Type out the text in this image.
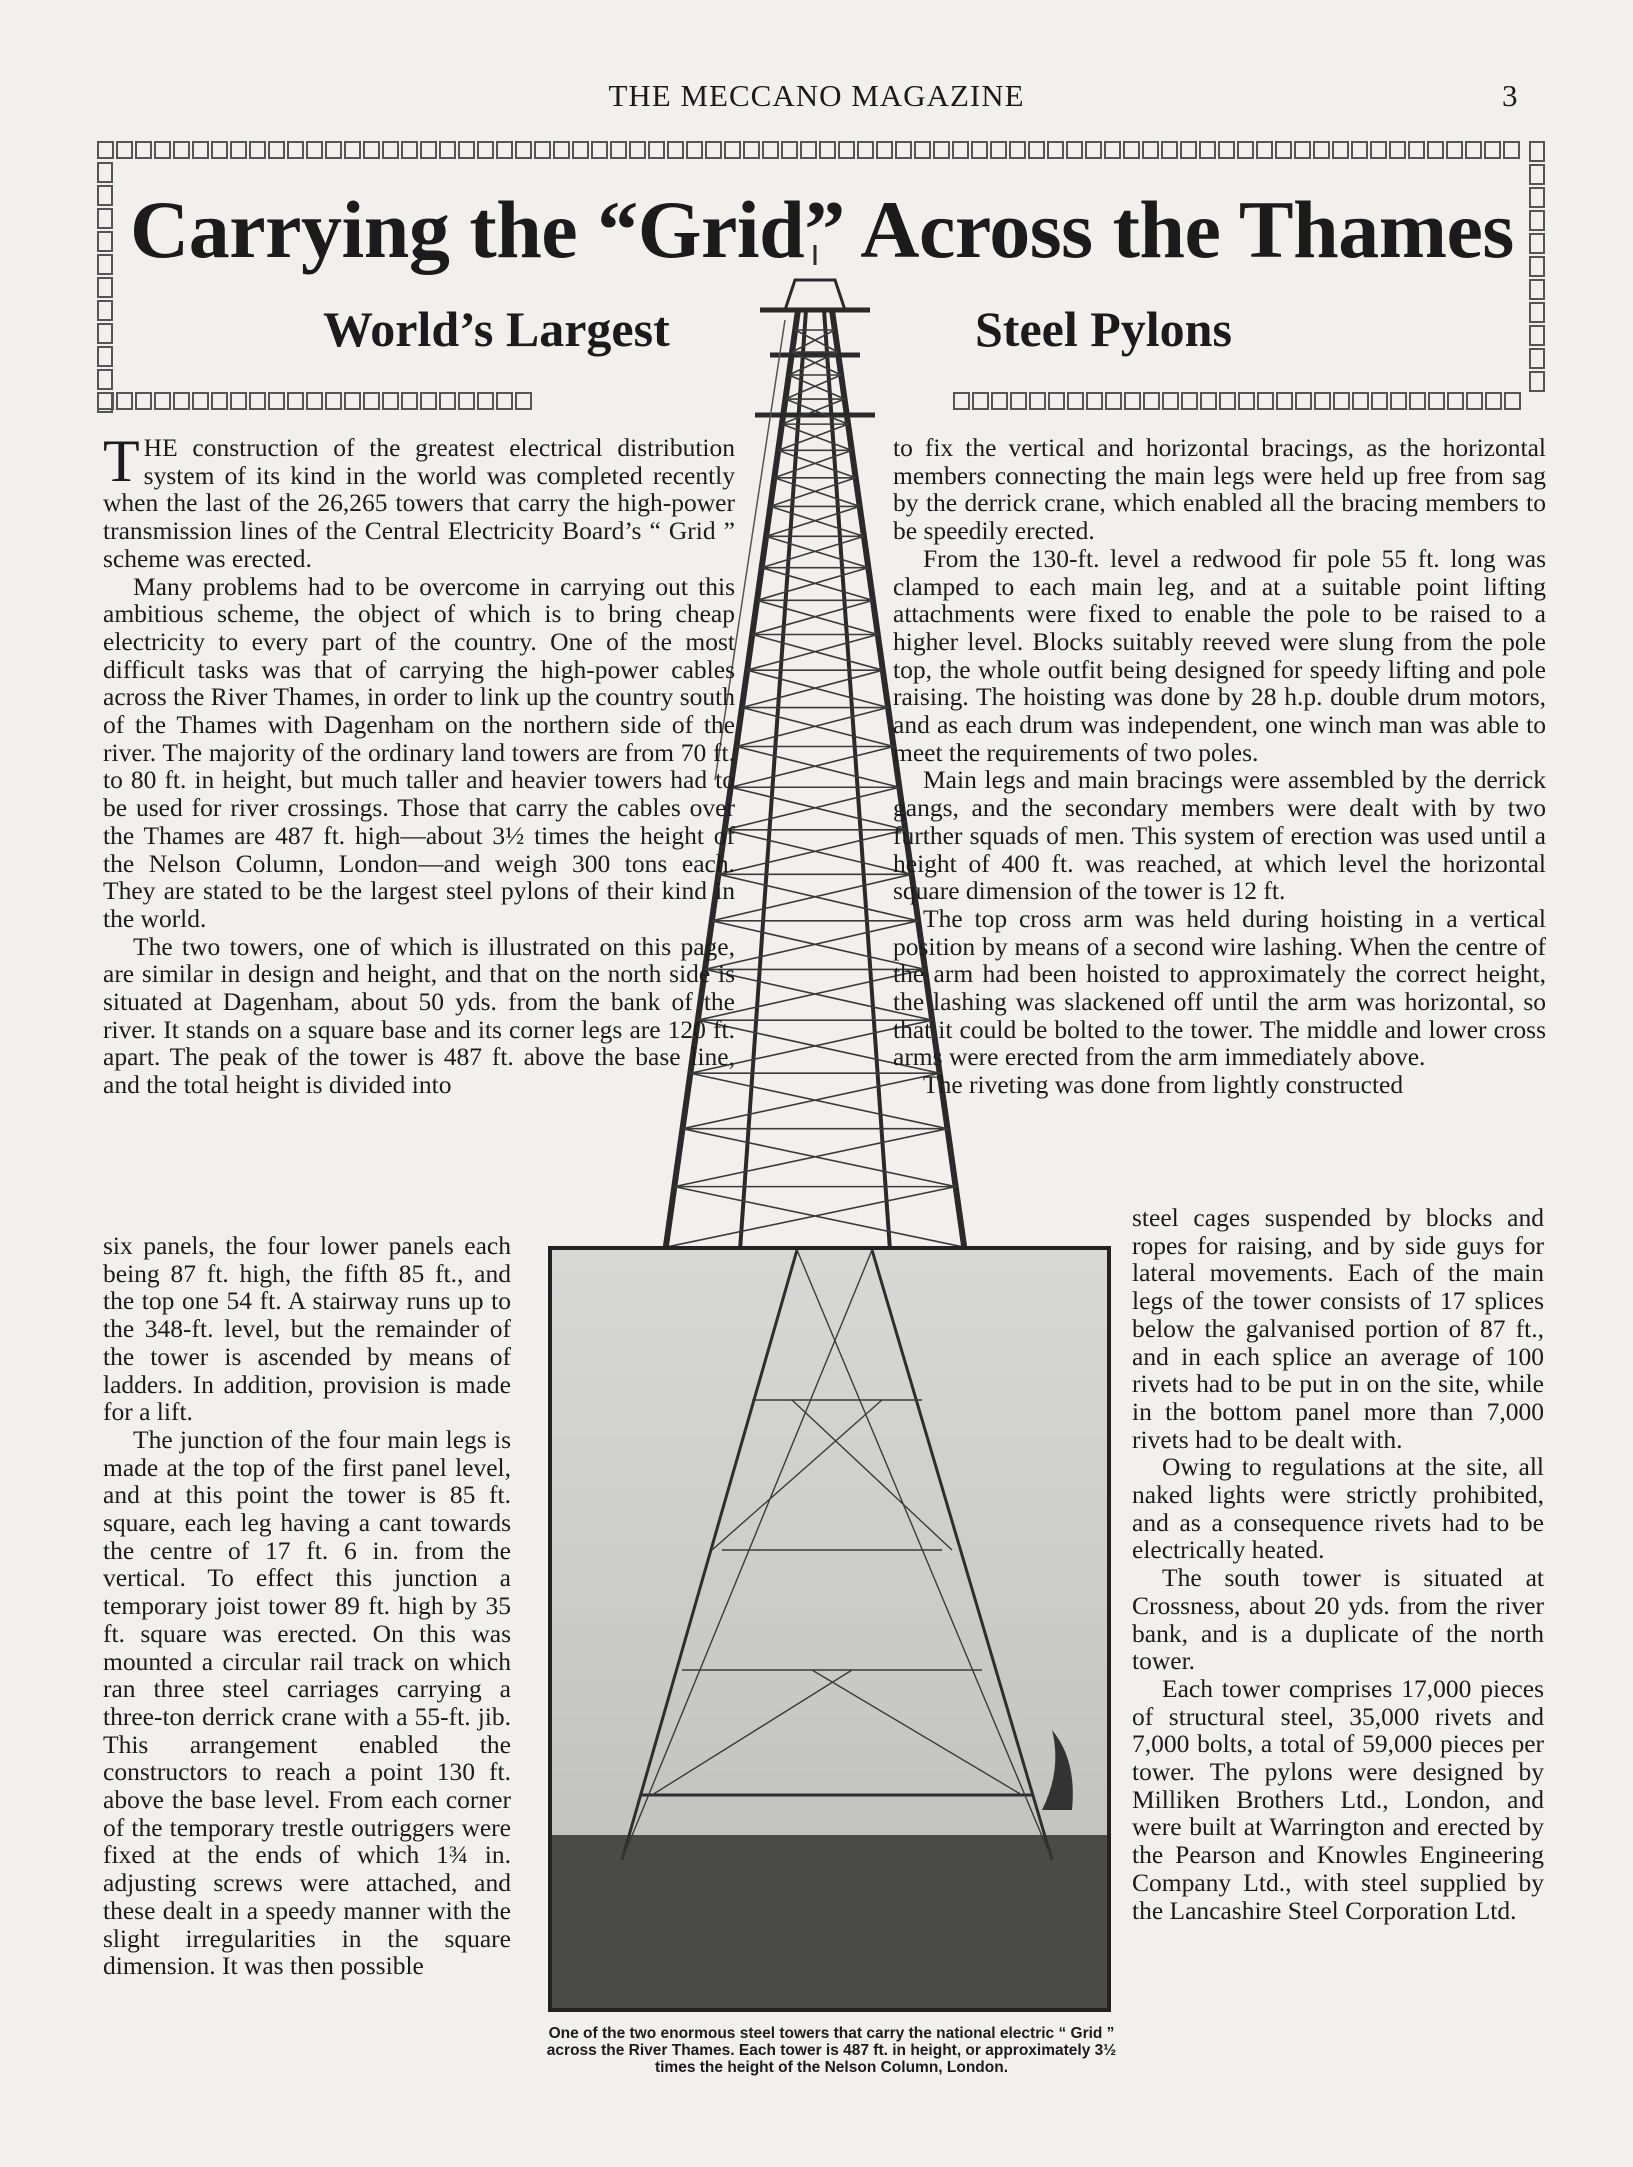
THE MECCANO MAGAZINE	3
One of the two enormous steel towers that carry the national electric “ Grid ” across the River Thames. Each tower is 487 ft. in height, or approximately 3½ times the height of the Nelson Column, London.
Carrying the “Grid” Across the Thames
World’s Largest	Steel Pylons

THE construction of the greatest electrical distribution system of its kind in the world was completed recently when the last of the 26,265 towers that carry the high-power transmission lines of the Central Electricity Board’s “ Grid ” scheme was erected.

Many problems had to be overcome in carrying out this ambitious scheme, the object of which is to bring cheap electricity to every part of the country. One of the most difficult tasks was that of carrying the high-power cables across the River Thames, in order to link up the country south of the Thames with Dagenham on the northern side of the river. The majority of the ordinary land towers are from 70 ft. to 80 ft. in height, but much taller and heavier towers had to be used for river crossings. Those that carry the cables over the Thames are 487 ft. high—about 3½ times the height of the Nelson Column, London—and weigh 300 tons each. They are stated to be the largest steel pylons of their kind in the world.

The two towers, one of which is illustrated on this page, are similar in design and height, and that on the north side is situated at Dagenham, about 50 yds. from the bank of the river. It stands on a square base and its corner legs are 120 ft. apart. The peak of the tower is 487 ft. above the base line, and the total height is divided into

six panels, the four lower panels each being 87 ft. high, the fifth 85 ft., and the top one 54 ft. A stairway runs up to the 348-ft. level, but the remainder of the tower is ascended by means of ladders. In addition, provision is made for a lift.

The junction of the four main legs is made at the top of the first panel level, and at this point the tower is 85 ft. square, each leg having a cant towards the centre of 17 ft. 6 in. from the vertical. To effect this junction a temporary joist tower 89 ft. high by 35 ft. square was erected. On this was mounted a circular rail track on which ran three steel carriages carrying a three-ton derrick crane with a 55-ft. jib. This arrangement enabled the constructors to reach a point 130 ft. above the base level. From each corner of the temporary trestle outriggers were fixed at the ends of which 1¾ in. adjusting screws were attached, and these dealt in a speedy manner with the slight irregularities in the square dimension. It was then possible

to fix the vertical and horizontal bracings, as the horizontal members connecting the main legs were held up free from sag by the derrick crane, which enabled all the bracing members to be speedily erected.

From the 130-ft. level a redwood fir pole 55 ft. long was clamped to each main leg, and at a suitable point lifting attachments were fixed to enable the pole to be raised to a higher level. Blocks suitably reeved were slung from the pole top, the whole outfit being designed for speedy lifting and pole raising. The hoisting was done by 28 h.p. double drum motors, and as each drum was independent, one winch man was able to meet the requirements of two poles.

Main legs and main bracings were assembled by the derrick gangs, and the secondary members were dealt with by two further squads of men. This system of erection was used until a height of 400 ft. was reached, at which level the horizontal square dimension of the tower is 12 ft.

The top cross arm was held during hoisting in a vertical position by means of a second wire lashing. When the centre of the arm had been hoisted to approximately the correct height, the lashing was slackened off until the arm was horizontal, so that it could be bolted to the tower. The middle and lower cross arms were erected from the arm immediately above.

The riveting was done from lightly constructed

steel cages suspended by blocks and ropes for raising, and by side guys for lateral movements. Each of the main legs of the tower consists of 17 splices below the galvanised portion of 87 ft., and in each splice an average of 100 rivets had to be put in on the site, while in the bottom panel more than 7,000 rivets had to be dealt with.

Owing to regulations at the site, all naked lights were strictly prohibited, and as a consequence rivets had to be electrically heated.

The south tower is situated at Crossness, about 20 yds. from the river bank, and is a duplicate of the north tower.

Each tower comprises 17,000 pieces of structural steel, 35,000 rivets and 7,000 bolts, a total of 59,000 pieces per tower. The pylons were designed by Milliken Brothers Ltd., London, and were built at Warrington and erected by the Pearson and Knowles Engineering Company Ltd., with steel supplied by the Lancashire Steel Corporation Ltd.
